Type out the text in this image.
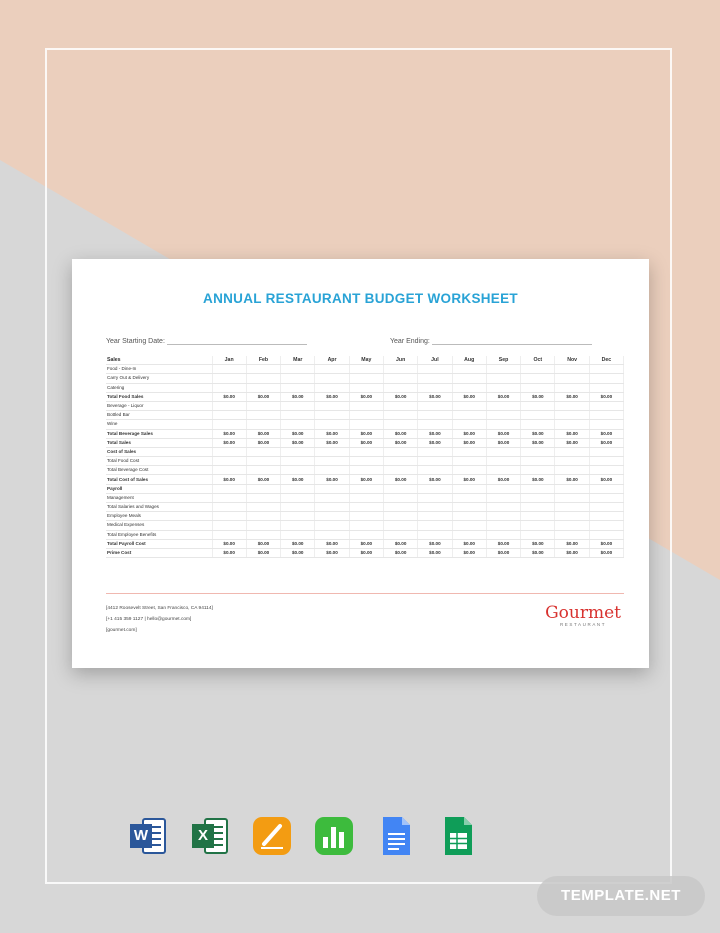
ANNUAL RESTAURANT BUDGET WORKSHEET
Year Starting Date:	Year Ending:
Sales	Jan	Feb	Mar	Apr	May	Jun	Jul	Aug	Sep	Oct	Nov	Dec
Food - Dine-In												
Carry Out & Delivery												
Catering												
Total Food Sales	$0.00	$0.00	$0.00	$0.00	$0.00	$0.00	$0.00	$0.00	$0.00	$0.00	$0.00	$0.00
Beverage - Liquor												
Bottled Bar												
Wine												
Total Beverage Sales	$0.00	$0.00	$0.00	$0.00	$0.00	$0.00	$0.00	$0.00	$0.00	$0.00	$0.00	$0.00
Total Sales	$0.00	$0.00	$0.00	$0.00	$0.00	$0.00	$0.00	$0.00	$0.00	$0.00	$0.00	$0.00
Cost of Sales												
Total Food Cost												
Total Beverage Cost												
Total Cost of Sales	$0.00	$0.00	$0.00	$0.00	$0.00	$0.00	$0.00	$0.00	$0.00	$0.00	$0.00	$0.00
Payroll												
Management												
Total Salaries and Wages												
Employee Meals												
Medical Expenses												
Total Employee Benefits												
Total Payroll Cost	$0.00	$0.00	$0.00	$0.00	$0.00	$0.00	$0.00	$0.00	$0.00	$0.00	$0.00	$0.00
Prime Cost	$0.00	$0.00	$0.00	$0.00	$0.00	$0.00	$0.00	$0.00	$0.00	$0.00	$0.00	$0.00
[4412 Roosevelt Street, San Francisco, CA 94114]
[+1 415 359 1127 | hello@gourmet.com]
[gourmet.com]
Gourmet
RESTAURANT
W	X
TEMPLATE.NET
